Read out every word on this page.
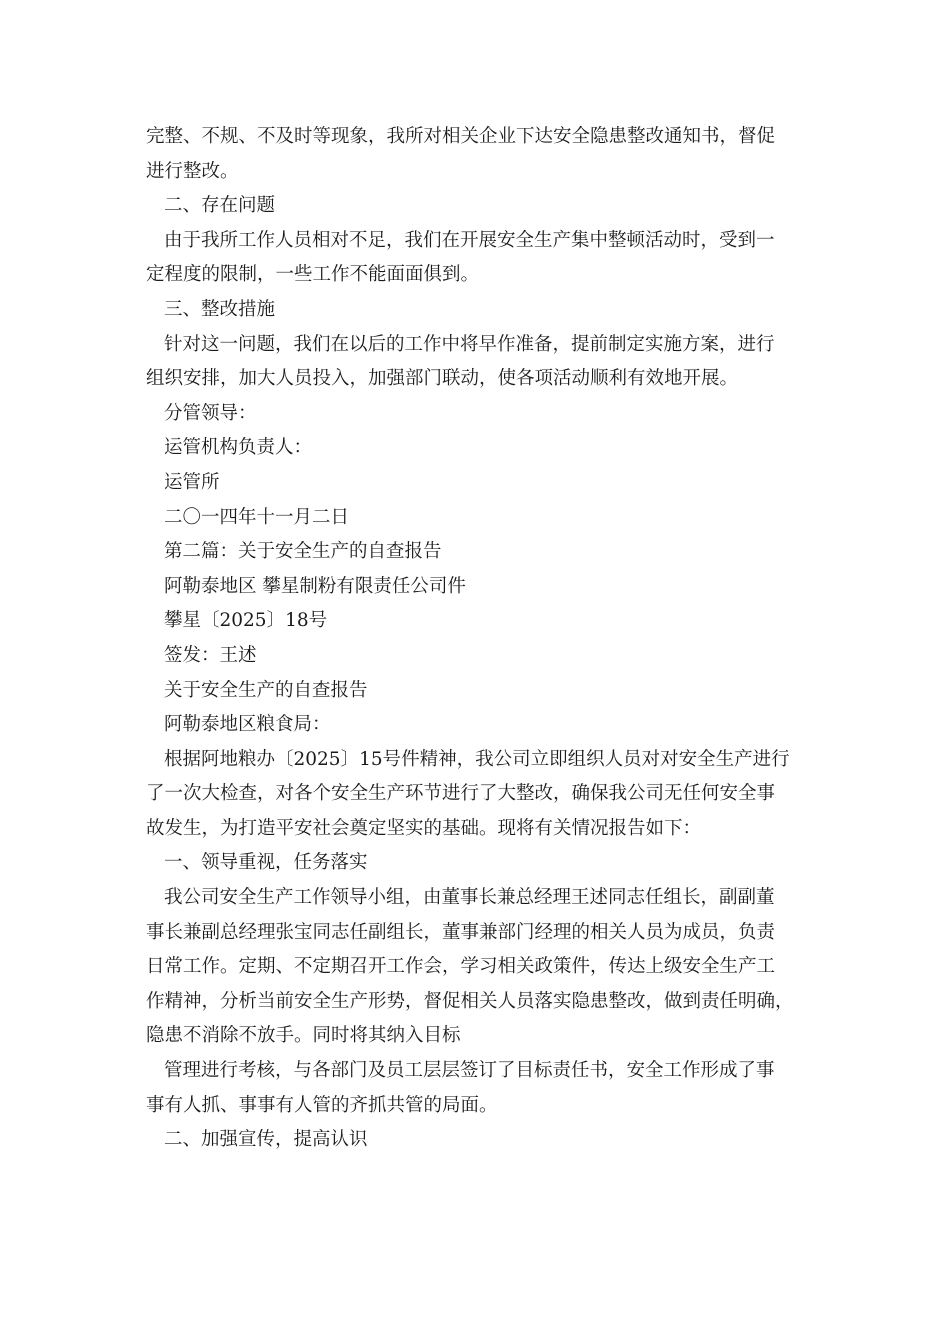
完整、不规、不及时等现象，我所对相关企业下达安全隐患整改通知书，督促

进行整改。

二、存在问题

由于我所工作人员相对不足，我们在开展安全生产集中整顿活动时，受到一

定程度的限制，一些工作不能面面俱到。

三、整改措施

针对这一问题，我们在以后的工作中将早作准备，提前制定实施方案，进行

组织安排，加大人员投入，加强部门联动，使各项活动顺利有效地开展。

分管领导：

运管机构负责人：

运管所

二〇一四年十一月二日

第二篇：关于安全生产的自查报告

阿勒泰地区 攀星制粉有限责任公司件

攀星〔2025〕18号

签发：王述

关于安全生产的自查报告

阿勒泰地区粮食局：

根据阿地粮办〔2025〕15号件精神，我公司立即组织人员对对安全生产进行

了一次大检查，对各个安全生产环节进行了大整改，确保我公司无任何安全事

故发生，为打造平安社会奠定坚实的基础。现将有关情况报告如下：

一、领导重视，任务落实

我公司安全生产工作领导小组，由董事长兼总经理王述同志任组长，副副董

事长兼副总经理张宝同志任副组长，董事兼部门经理的相关人员为成员，负责

日常工作。定期、不定期召开工作会，学习相关政策件，传达上级安全生产工

作精神，分析当前安全生产形势，督促相关人员落实隐患整改，做到责任明确，

隐患不消除不放手。同时将其纳入目标

管理进行考核，与各部门及员工层层签订了目标责任书，安全工作形成了事

事有人抓、事事有人管的齐抓共管的局面。

二、加强宣传，提高认识
